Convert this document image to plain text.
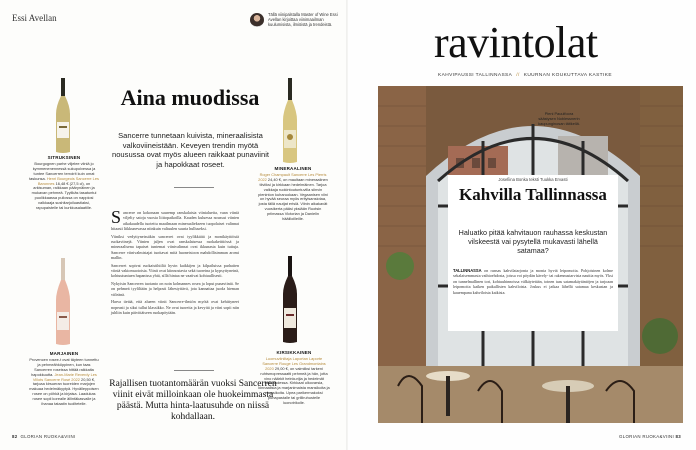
Essi Avellan	Tällä viinipalstalla Master of Wine Essi Avellan kirjoittaa viinimaailman kuulumisista, ilmiöistä ja trendeistä.
SITRUKSINEN
Bourgognen parhe viljelee viiniä jo kymmenenennessä sukupolvessa ja tuntee Sancerren terroirit kuin omat taskunsa. Henri Bourgeois Sancerre Les Baronnes 16,48 € (27,5 cl), on arkisuman, raikkaan päärynäinen ja mukavan pehmeä. Tyylikäs tasatuntui puolikkaassa pullossa on nappiosi valkkaaja sushitarjoiluastiaksi, rapupaistelle tai kurkkusalaatille.
MINERAALINEN
Roger Champault Sancerre Les Pierris 2022 24,40 €, on maultaan mineraalinen tiiviiksi ja kirkkaan hedelmäinen. Tarjoa valkkaja ruokintoutuntuvilla siinvin pieninton kuharuokaan. Vegaanisen viini on hyvää seuraa myös erityisansiotaa, josta tällä nautjat erisiä. Viinin aikakavät vuosikerta pääsi yksiään Ruotsin priimassa Victorian ja Danielin hääilloilleille.
MARJAINEN
Provencen rosee-t ovat täyteen tunnettu ja pehmeähköppinen, kun taas Sancerren roseissa hittää raikkaita hapokkuutta. Jean-Marie Reverdy Les Villots Sancerre Rosé 2022 20,50 €, tarjoaa kirsueran tuoreiden marjojen makuaa hedelmäkyytyä. Hyvälleppoisen rosee on pöhkä ja kirjaisa. Laadukas rosee sopii korealle ällintäkasvalle ja ihanaa tataatin tuoiltetelle.
KIRSIKKAINEN
Luomuviiniltaja Laportan Laporte Sancerre Rouge Les Grandmontains 2020 29,00 €, on valmiiksi tarkeni ruhtsmopressaatti pehmeä ja hän, jotta vino näärkit heinkurijia ja hedelmät raikkaudessa. Kirkkaat ulkovarsia, kinnaalisia ja marjanimaista mansikoita ja mansikoita. Upea parikermakoksi punapastalle tai grilliruhustelle luonotrikolle.
Aina muodissa
Sancerre tunnetaan kuivista, mineraalisista valkoviineistään. Keveyen trendin myötä nousussa ovat myös alueen raikkaat punaviinit ja hapokkaat roseet.
S ancerre on kokonaan suuremp ranskalaisia viinialueita, vaan viiniä viljelty satoja vuosia liittopaikoilla. Kauden kuluessa noussut viinien aikakaudella tuotettu maailmaan mineraaliekseen tuopolaiset valinnat hitaasti liikkunevassa niinkuin valtuulen suuria hulluseksi.

Viiniksi vedyttyneissäkin sancerret ovat tyylikkäitä ja monikäyttöisiä ruokaviinejä. Viinien jaljen ovat ranskalaisessa ruokakeittiössä ja mineraalisena tapaiset tuntemat viinivalinnat ovat ikkunasta kuin tuttuja. Sancerre viinivalmistajat tuottavat mitä huoneistoon mahdollisimman aromi mallin.

Sancerret sopivat ruokaistihiiliä hyvin kaikkijen ja kilpailuissa parhaiten viiniä vakiomuotoisia. Viinit ovat kiinnostavia sekä tuoreina ja kypsyttyneinä, kohtuutuntuen hapanissa yhtä, sillä hintaa ne vaativat kohtuullisesti.

Nykyisin Sancerren tuotanto on noin kolmannes rosea ja loput punaviiniä. Se on pehmeä tyyliltään ja helposti lähestyttävä, jota kannattaa juoda hieman viileänä.

Harva tietää, että alueen viinit Sancerre-ilmiön myötä ovat kehittyneet nopeasti ja siksi tullut klassikko. Ne ovat tuoreita ja kevyitä ja viini sopii niin juhliin kuin päivittäiseen ruokapöytään.

Rajallisen tuotantomäärän vuoksi Sancerren viinit eivät milloinkaan ole huokeimmasta päästä. Mutta hinta-laatusuhde on niissä kohdallaan.
82 GLORIAN RUOKA&VIINI
ravintolat
KAHVIPAUSSI TALLINNASSA // KUURNAN KOUKUTTAVA KASTIKE
Pieni Pauulfoora säästysen Noblessnerin kaupunginosan tätikellä.
Josefiina Bonka teksti Tuukka Ervasti
Kahvilla Tallinnassa
Haluatko pitää kahvitauon rauhassa keskustan vilskeestä vai pysytellä mukavasti lähellä satamaa?
TALLINNASSA on runsas kahvilatarjonta ja monia hyviä leipomoita. Pohjoisinen kolme sekalaisemmasta vaihtoehdosta, joissa voi pöydän kävely- tai rakennustarvista nauttia myös. Yksi on tunnelmallinen tori, kohtuuhinnoissa välkäytetään, toinen taas satamakäytäntöjen ja tarjoaan leipomoita kaiken paikallisten kahviloista. Joskus ei jatkaa lähellä satamaa keskustan ja kauempana kahviloista kaikista.
GLORIAN RUOKA&VIINI 83
